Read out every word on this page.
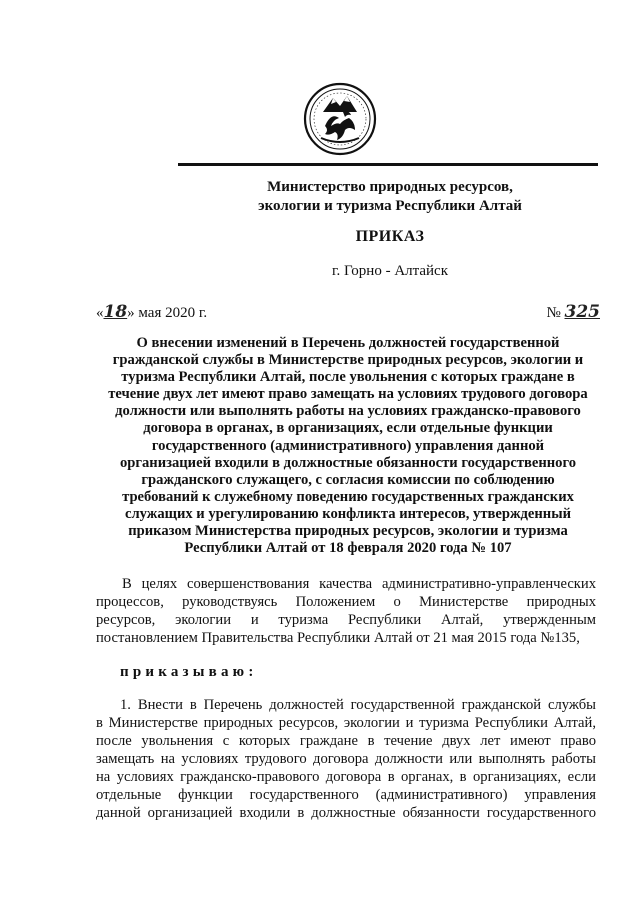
Министерство природных ресурсов,
экологии и туризма Республики Алтай
ПРИКАЗ
г. Горно - Алтайск
«18» мая 2020 г.	№ 325
О внесении изменений в Перечень должностей государственной
гражданской службы в Министерстве природных ресурсов, экологии и
туризма Республики Алтай, после увольнения с которых граждане в
течение двух лет имеют право замещать на условиях трудового договора
должности или выполнять работы на условиях гражданско-правового
договора в органах, в организациях, если отдельные функции
государственного (административного) управления данной
организацией входили в должностные обязанности государственного
гражданского служащего, с согласия комиссии по соблюдению
требований к служебному поведению государственных гражданских
служащих и урегулированию конфликта интересов, утвержденный
приказом Министерства природных ресурсов, экологии и туризма
Республики Алтай от 18 февраля 2020 года № 107
В целях совершенствования качества административно-управленческих
процессов, руководствуясь Положением о Министерстве природных
ресурсов, экологии и туризма Республики Алтай, утвержденным
постановлением Правительства Республики Алтай от 21 мая 2015 года №135,
приказываю:
1. Внести в Перечень должностей государственной гражданской службы
в Министерстве природных ресурсов, экологии и туризма Республики Алтай,
после увольнения с которых граждане в течение двух лет имеют право
замещать на условиях трудового договора должности или выполнять работы
на условиях гражданско-правового договора в органах, в организациях, если
отдельные функции государственного (административного) управления
данной организацией входили в должностные обязанности государственного
